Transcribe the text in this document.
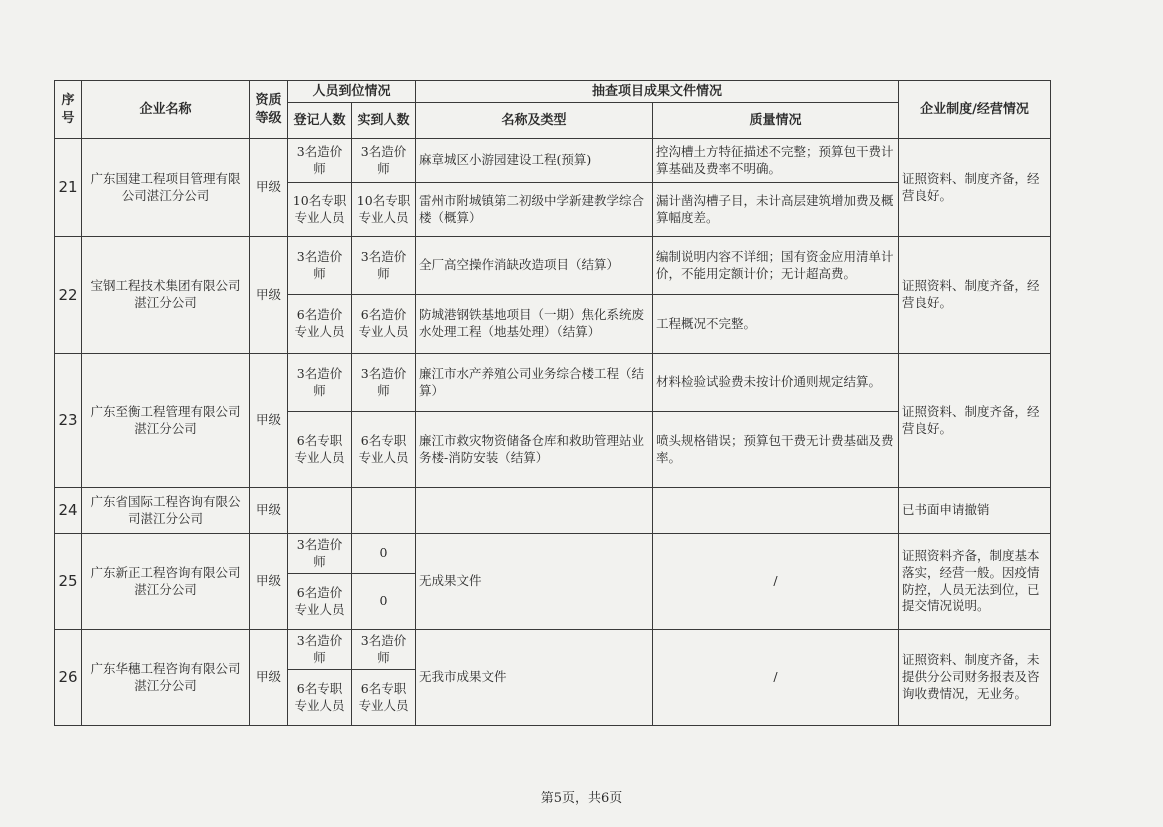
序号	企业名称	资质等级	人员到位情况		抽查项目成果文件情况		企业制度/经营情况
			登记人数	实到人数	名称及类型	质量情况	
21	广东国建工程项目管理有限公司湛江分公司	甲级	3名造价师	3名造价师	麻章城区小游园建设工程(预算)	控沟槽土方特征描述不完整；预算包干费计算基础及费率不明确。	证照资料、制度齐备，经营良好。
			10名专职专业人员	10名专职专业人员	雷州市附城镇第二初级中学新建教学综合楼（概算）	漏计凿沟槽子目，未计高层建筑增加费及概算幅度差。	
22	宝钢工程技术集团有限公司湛江分公司	甲级	3名造价师	3名造价师	全厂高空操作消缺改造项目（结算）	编制说明内容不详细；国有资金应用清单计价，不能用定额计价；无计超高费。	证照资料、制度齐备，经营良好。
			6名造价专业人员	6名造价专业人员	防城港钢铁基地项目（一期）焦化系统废水处理工程（地基处理）（结算）	工程概况不完整。	
23	广东至衡工程管理有限公司湛江分公司	甲级	3名造价师	3名造价师	廉江市水产养殖公司业务综合楼工程（结算）	材料检验试验费未按计价通则规定结算。	证照资料、制度齐备，经营良好。
			6名专职专业人员	6名专职专业人员	廉江市救灾物资储备仓库和救助管理站业务楼-消防安装（结算）	喷头规格错误；预算包干费无计费基础及费率。	
24	广东省国际工程咨询有限公司湛江分公司	甲级					已书面申请撤销
25	广东新正工程咨询有限公司湛江分公司	甲级	3名造价师	0	无成果文件	/	证照资料齐备，制度基本落实，经营一般。因疫情防控，人员无法到位，已提交情况说明。
			6名造价专业人员	0			
26	广东华穗工程咨询有限公司湛江分公司	甲级	3名造价师	3名造价师	无我市成果文件	/	证照资料、制度齐备，未提供分公司财务报表及咨询收费情况，无业务。
			6名专职专业人员	6名专职专业人员			
第5页，共6页
